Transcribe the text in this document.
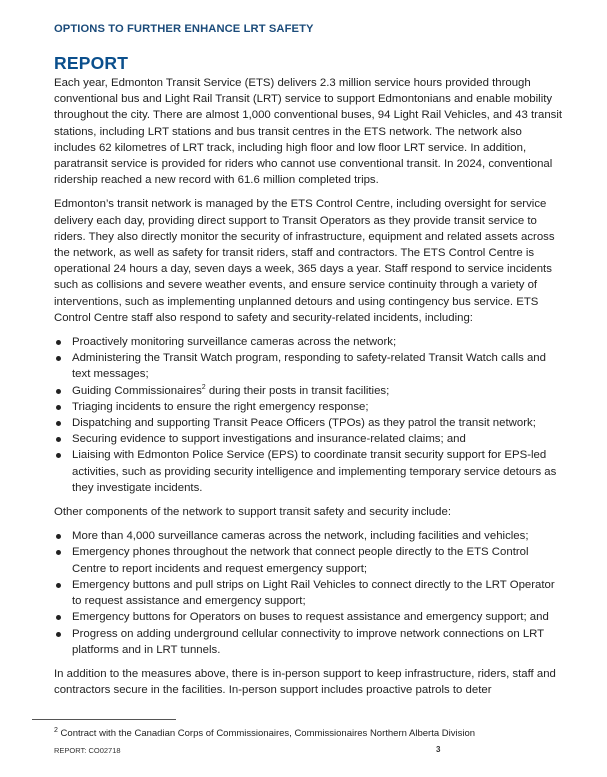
OPTIONS TO FURTHER ENHANCE LRT SAFETY
REPORT

Each year, Edmonton Transit Service (ETS) delivers 2.3 million service hours provided through conventional bus and Light Rail Transit (LRT) service to support Edmontonians and enable mobility throughout the city. There are almost 1,000 conventional buses, 94 Light Rail Vehicles, and 43 transit stations, including LRT stations and bus transit centres in the ETS network. The network also includes 62 kilometres of LRT track, including high floor and low floor LRT service. In addition, paratransit service is provided for riders who cannot use conventional transit. In 2024, conventional ridership reached a new record with 61.6 million completed trips.

Edmonton’s transit network is managed by the ETS Control Centre, including oversight for service delivery each day, providing direct support to Transit Operators as they provide transit service to riders. They also directly monitor the security of infrastructure, equipment and related assets across the network, as well as safety for transit riders, staff and contractors. The ETS Control Centre is operational 24 hours a day, seven days a week, 365 days a year. Staff respond to service incidents such as collisions and severe weather events, and ensure service continuity through a variety of interventions, such as implementing unplanned detours and using contingency bus service. ETS Control Centre staff also respond to safety and security-related incidents, including:

Proactively monitoring surveillance cameras across the network;
Administering the Transit Watch program, responding to safety-related Transit Watch calls and text messages;
Guiding Commissionaires$^2$ during their posts in transit facilities;
Triaging incidents to ensure the right emergency response;
Dispatching and supporting Transit Peace Officers (TPOs) as they patrol the transit network;
Securing evidence to support investigations and insurance-related claims; and
Liaising with Edmonton Police Service (EPS) to coordinate transit security support for EPS-led activities, such as providing security intelligence and implementing temporary service detours as they investigate incidents.

Other components of the network to support transit safety and security include:

More than 4,000 surveillance cameras across the network, including facilities and vehicles;
Emergency phones throughout the network that connect people directly to the ETS Control Centre to report incidents and request emergency support;
Emergency buttons and pull strips on Light Rail Vehicles to connect directly to the LRT Operator to request assistance and emergency support;
Emergency buttons for Operators on buses to request assistance and emergency support; and
Progress on adding underground cellular connectivity to improve network connections on LRT platforms and in LRT tunnels.

In addition to the measures above, there is in-person support to keep infrastructure, riders, staff and contractors secure in the facilities. In-person support includes proactive patrols to deter

$^2$ Contract with the Canadian Corps of Commissionaires, Commissionaires Northern Alberta Division
REPORT: CO02718	3
